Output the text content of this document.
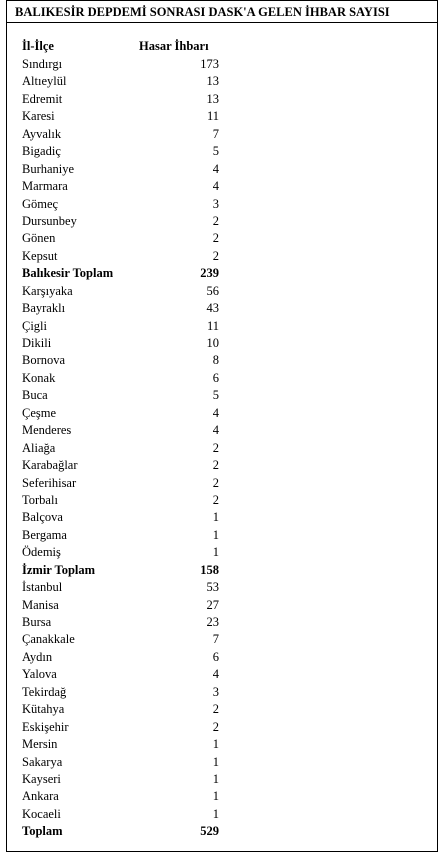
BALIKESİR DEPDEMİ SONRASI DASK'A GELEN İHBAR SAYISI
İl-İlçe	Hasar İhbarı
Sındırgı	173
Altıeylül	13
Edremit	13
Karesi	11
Ayvalık	7
Bigadiç	5
Burhaniye	4
Marmara	4
Gömeç	3
Dursunbey	2
Gönen	2
Kepsut	2
Balıkesir Toplam	239
Karşıyaka	56
Bayraklı	43
Çigli	11
Dikili	10
Bornova	8
Konak	6
Buca	5
Çeşme	4
Menderes	4
Aliağa	2
Karabağlar	2
Seferihisar	2
Torbalı	2
Balçova	1
Bergama	1
Ödemiş	1
İzmir Toplam	158
İstanbul	53
Manisa	27
Bursa	23
Çanakkale	7
Aydın	6
Yalova	4
Tekirdağ	3
Kütahya	2
Eskişehir	2
Mersin	1
Sakarya	1
Kayseri	1
Ankara	1
Kocaeli	1
Toplam	529
